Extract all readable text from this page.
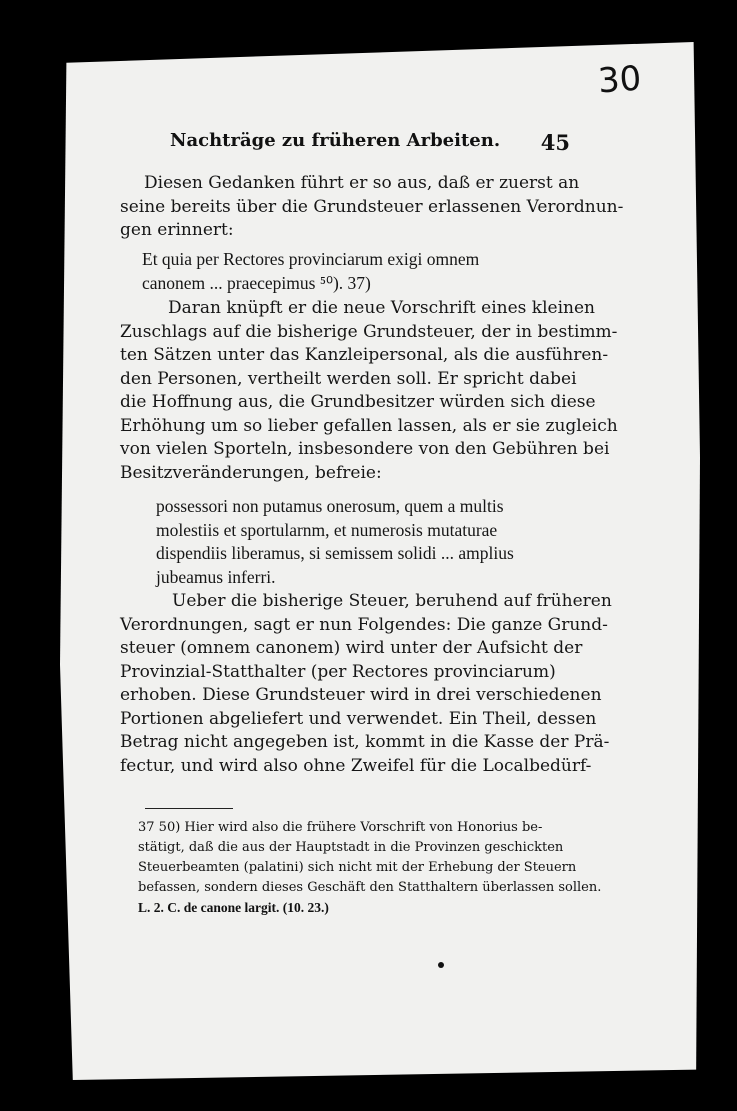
30
Nachträge zu früheren Arbeiten. 45
Diesen Gedanken führt er so aus, daß er zuerst an
seine bereits über die Grundsteuer erlassenen Verordnun-
gen erinnert:
Et quia per Rectores provinciarum exigi omnem
canonem ... praecepimus ⁵⁰). 37)
Daran knüpft er die neue Vorschrift eines kleinen
Zuschlags auf die bisherige Grundsteuer, der in bestimm-
ten Sätzen unter das Kanzleipersonal, als die ausführen-
den Personen, vertheilt werden soll. Er spricht dabei
die Hoffnung aus, die Grundbesitzer würden sich diese
Erhöhung um so lieber gefallen lassen, als er sie zugleich
von vielen Sporteln, insbesondere von den Gebühren bei
Besitzveränderungen, befreie:
possessori non putamus onerosum, quem a multis
molestiis et sportularnm, et numerosis mutaturae
dispendiis liberamus, si semissem solidi ... amplius
jubeamus inferri.
Ueber die bisherige Steuer, beruhend auf früheren
Verordnungen, sagt er nun Folgendes: Die ganze Grund-
steuer (omnem canonem) wird unter der Aufsicht der
Provinzial-Statthalter (per Rectores provinciarum)
erhoben. Diese Grundsteuer wird in drei verschiedenen
Portionen abgeliefert und verwendet. Ein Theil, dessen
Betrag nicht angegeben ist, kommt in die Kasse der Prä-
fectur, und wird also ohne Zweifel für die Localbedürf-
37 50) Hier wird also die frühere Vorschrift von Honorius be-
stätigt, daß die aus der Hauptstadt in die Provinzen geschickten
Steuerbeamten (palatini) sich nicht mit der Erhebung der Steuern
befassen, sondern dieses Geschäft den Statthaltern überlassen sollen.
L. 2. C. de canone largit. (10. 23.)
